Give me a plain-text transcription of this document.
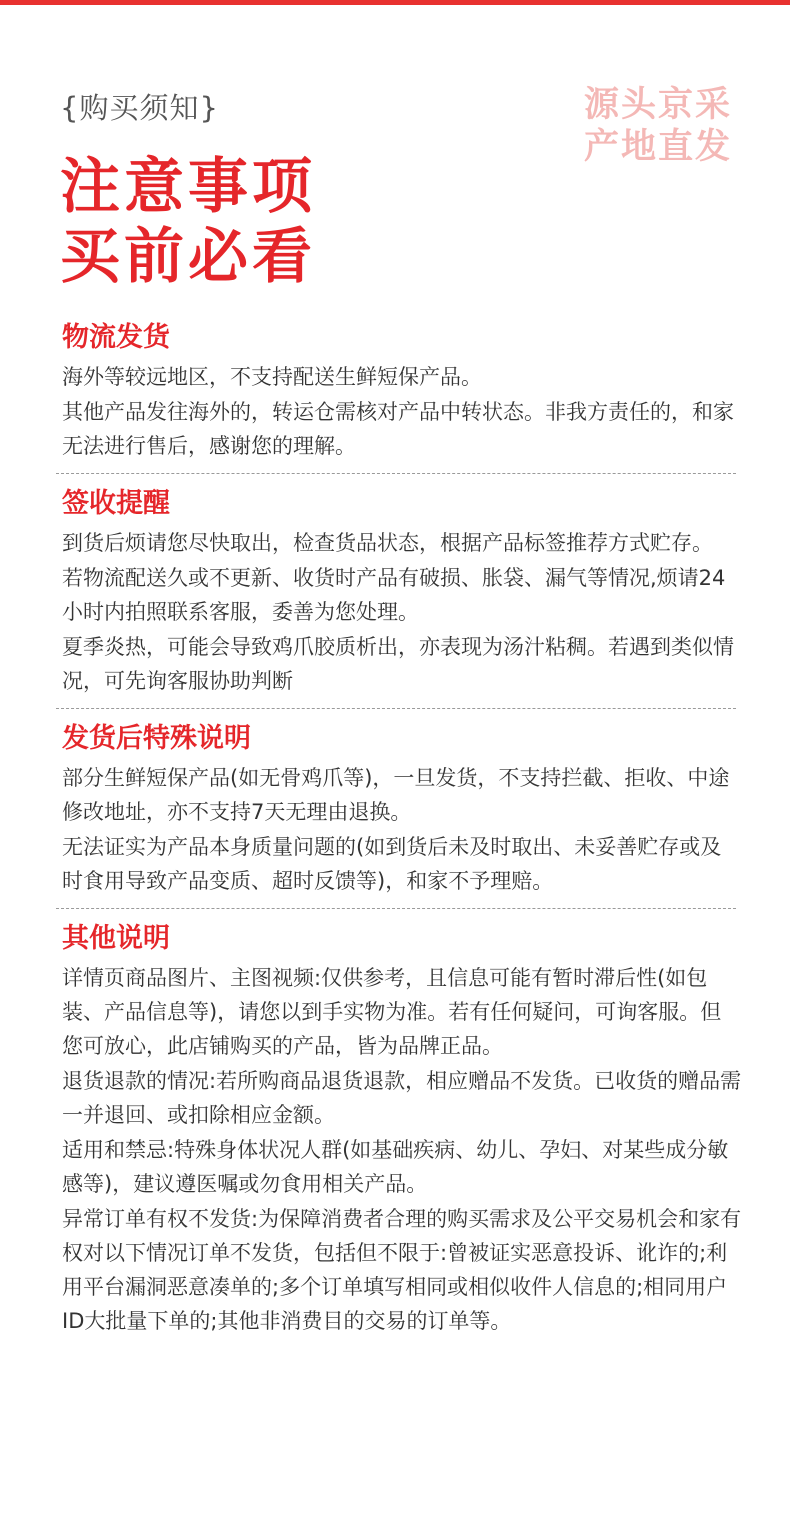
{购买须知}	源头京采
产地直发
注意事项
买前必看
物流发货

海外等较远地区，不支持配送生鲜短保产品。

其他产品发往海外的，转运仓需核对产品中转状态。非我方责任的，和家无法进行售后，感谢您的理解。

签收提醒

到货后烦请您尽快取出，检查货品状态，根据产品标签推荐方式贮存。

若物流配送久或不更新、收货时产品有破损、胀袋、漏气等情况,烦请24小时内拍照联系客服，委善为您处理。

夏季炎热，可能会导致鸡爪胶质析出，亦表现为汤汁粘稠。若遇到类似情况，可先询客服协助判断

发货后特殊说明

部分生鲜短保产品(如无骨鸡爪等)，一旦发货，不支持拦截、拒收、中途修改地址，亦不支持7天无理由退换。

无法证实为产品本身质量问题的(如到货后未及时取出、未妥善贮存或及时食用导致产品变质、超时反馈等)，和家不予理赔。

其他说明

详情页商品图片、主图视频:仅供参考，且信息可能有暂时滞后性(如包装、产品信息等)，请您以到手实物为准。若有任何疑问，可询客服。但您可放心，此店铺购买的产品，皆为品牌正品。

退货退款的情况:若所购商品退货退款，相应赠品不发货。已收货的赠品需一并退回、或扣除相应金额。

适用和禁忌:特殊身体状况人群(如基础疾病、幼儿、孕妇、对某些成分敏感等)，建议遵医嘱或勿食用相关产品。

异常订单有权不发货:为保障消费者合理的购买需求及公平交易机会和家有权对以下情况订单不发货，包括但不限于:曾被证实恶意投诉、讹诈的;利用平台漏洞恶意凑单的;多个订单填写相同或相似收件人信息的;相同用户ID大批量下单的;其他非消费目的交易的订单等。
